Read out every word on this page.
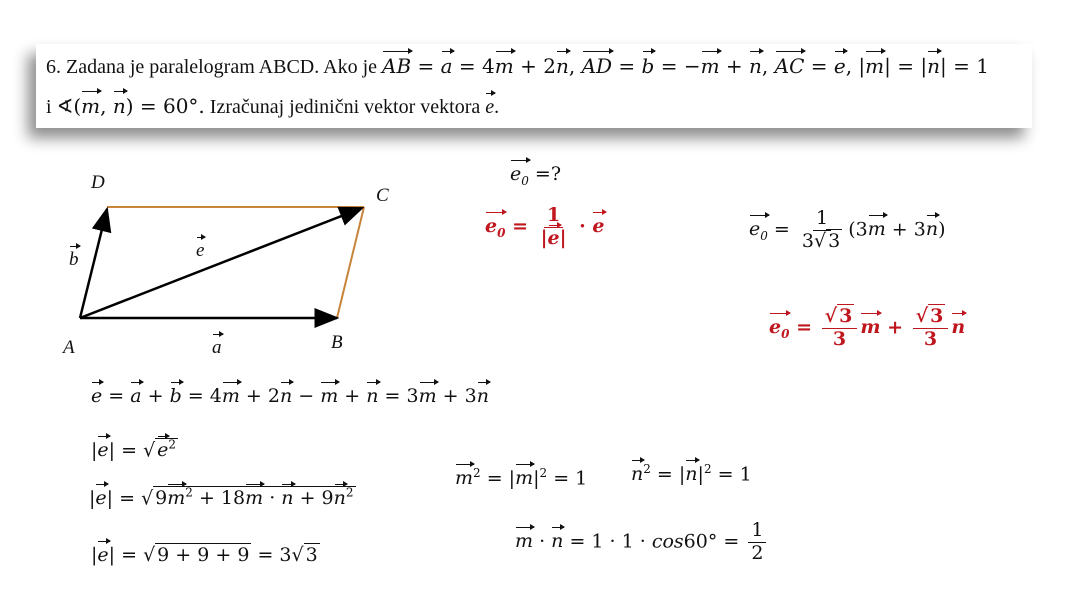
6. Zadana je paralelogram ABCD. Ako je AB = a = 4m + 2n, AD = b = −m + n, AC = e, |m| = |n| = 1
i ∢(m, n) = 60°. Izračunaj jedinični vektor vektora e.
D
C
A	B
b	e
a
$e_0$ =?
$e_0 = \frac{1}{|e|} \cdot e$	$e_0 = \frac{1}{3√ 3} (3m + 3n)$
$e_0 = \frac{√ 3}{3}$ $m + \frac{√ 3}{3}$ n
e = a + b = 4m + 2n − m + n = 3m + 3n
|e| = √ $e^2$
|e| = √ $9m^2 + 18m \cdot n + 9n^2$
|e| = √ 9 + 9 + 9 = 3√ 3
$m^2 = |m|^2 = 1$ $n^2 = |n|^2 = 1$
$m \cdot n = 1 \cdot 1 \cdot \cos 60^\circ = \frac{1}{2}$
